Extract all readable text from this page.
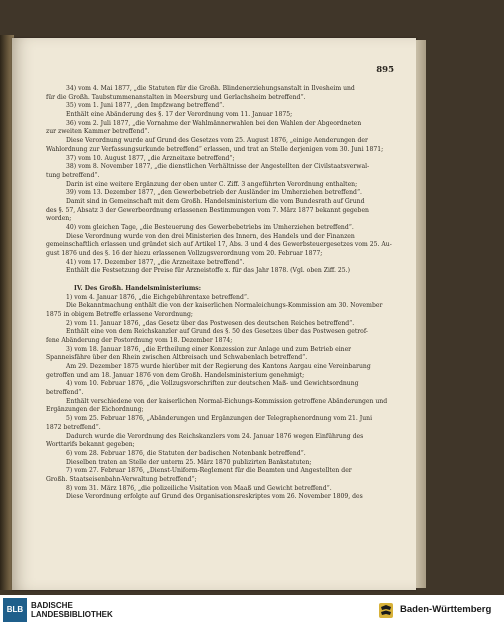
895
34) vom 4. Mai 1877, „die Statuten für die Großh. Blindenerziehungsanstalt in Ilvesheim und
für die Großh. Taubstummenanstalten in Meersburg und Gerlachsheim betreffend“.
35) vom 1. Juni 1877, „den Impfzwang betreffend“.
Enthält eine Abänderung des §. 17 der Verordnung vom 11. Januar 1875;
36) vom 2. Juli 1877, „die Vornahme der Wahlmännerwahlen bei den Wahlen der Abgeordneten
zur zweiten Kammer betreffend“.
Diese Verordnung wurde auf Grund des Gesetzes vom 25. August 1876, „einige Aenderungen der
Wahlordnung zur Verfassungsurkunde betreffend“ erlassen, und trat an Stelle derjenigen vom 30. Juni 1871;
37) vom 10. August 1877, „die Arzneitaxe betreffend“;
38) vom 8. November 1877, „die dienstlichen Verhältnisse der Angestellten der Civilstaatsverwal-
tung betreffend“.
Darin ist eine weitere Ergänzung der oben unter C. Ziff. 3 angeführten Verordnung enthalten;
39) vom 13. Dezember 1877, „den Gewerbebetrieb der Ausländer im Umherziehen betreffend“.
Damit sind in Gemeinschaft mit dem Großh. Handelsministerium die vom Bundesrath auf Grund
des §. 57, Absatz 3 der Gewerbeordnung erlassenen Bestimmungen vom 7. März 1877 bekannt gegeben
worden;
40) vom gleichen Tage, „die Besteuerung des Gewerbebetriebs im Umherziehen betreffend“.
Diese Verordnung wurde von den drei Ministerien des Innern, des Handels und der Finanzen
gemeinschaftlich erlassen und gründet sich auf Artikel 17, Abs. 3 und 4 des Gewerbsteuergesetzes vom 25. Au-
gust 1876 und des §. 16 der hiezu erlassenen Vollzugsverordnung vom 20. Februar 1877;
41) vom 17. Dezember 1877, „die Arzneitaxe betreffend“.
Enthält die Festsetzung der Preise für Arzneistoffe x. für das Jahr 1878. (Vgl. oben Ziff. 25.)
IV. Des Großh. Handelsministeriums:
1) vom 4. Januar 1876, „die Eichgebührentaxe betreffend“.
Die Bekanntmachung enthält die von der kaiserlichen Normaleichungs-Kommission am 30. November
1875 in obigem Betreffe erlassene Verordnung;
2) vom 11. Januar 1876, „das Gesetz über das Postwesen des deutschen Reiches betreffend“.
Enthält eine von dem Reichskanzler auf Grund des §. 50 des Gesetzes über das Postwesen getrof-
fene Abänderung der Postordnung vom 18. Dezember 1874;
3) vom 18. Januar 1876, „die Ertheilung einer Konzession zur Anlage und zum Betrieb einer
Spanneisfähre über den Rhein zwischen Altbreisach und Schwabenlach betreffend“.
Am 29. Dezember 1875 wurde hierüber mit der Regierung des Kantons Aargau eine Vereinbarung
getroffen und am 18. Januar 1876 von dem Großh. Handelsministerium genehmigt;
4) vom 10. Februar 1876, „die Vollzugsvorschriften zur deutschen Maß- und Gewichtsordnung
betreffend“.
Enthält verschiedene von der kaiserlichen Normal-Eichungs-Kommission getroffene Abänderungen und
Ergänzungen der Eichordnung;
5) vom 25. Februar 1876, „Abänderungen und Ergänzungen der Telegraphenordnung vom 21. Juni
1872 betreffend“.
Dadurch wurde die Verordnung des Reichskanzlers vom 24. Januar 1876 wegen Einführung des
Worttarifs bekannt gegeben;
6) vom 28. Februar 1876, die Statuten der badischen Notenbank betreffend“.
Dieselben traten an Stelle der unterm 25. März 1870 publizirten Bankstatuten;
7) vom 27. Februar 1876, „Dienst-Uniform-Reglement für die Beamten und Angestellten der
Großh. Staatseisenbahn-Verwaltung betreffend“;
8) vom 31. März 1876, „die polizeiliche Visitation von Maaß und Gewicht betreffend“.
Diese Verordnung erfolgte auf Grund des Organisationsreskriptes vom 26. November 1809, des
BLB BADISCHE
LANDESBIBLIOTHEK	Baden-Württemberg
